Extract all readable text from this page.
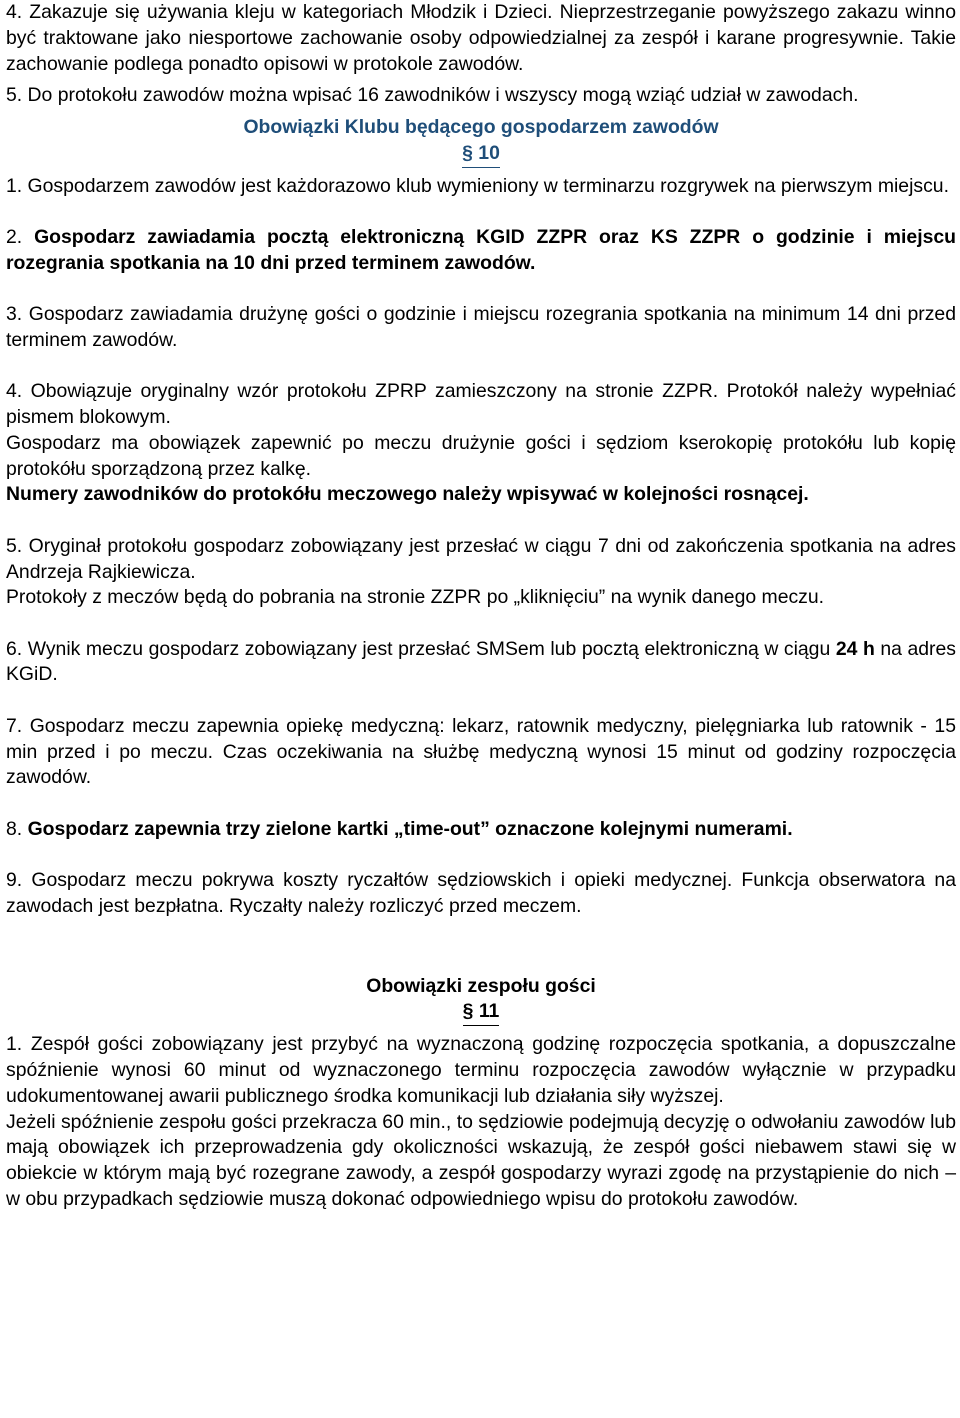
4. Zakazuje się używania kleju w kategoriach Młodzik i Dzieci. Nieprzestrzeganie powyższego zakazu winno być traktowane jako niesportowe zachowanie osoby odpowiedzialnej za zespół i karane progresywnie. Takie zachowanie podlega ponadto opisowi w protokole zawodów.

5. Do protokołu zawodów można wpisać 16 zawodników i wszyscy mogą wziąć udział w zawodach.

Obowiązki Klubu będącego gospodarzem zawodów
§ 10

1. Gospodarzem zawodów jest każdorazowo klub wymieniony w terminarzu rozgrywek na pierwszym miejscu.

2. Gospodarz zawiadamia pocztą elektroniczną KGID ZZPR oraz KS ZZPR o godzinie i miejscu rozegrania spotkania na 10 dni przed terminem zawodów.

3. Gospodarz zawiadamia drużynę gości o godzinie i miejscu rozegrania spotkania na minimum 14 dni przed terminem zawodów.

4. Obowiązuje oryginalny wzór protokołu ZPRP zamieszczony na stronie ZZPR. Protokół należy wypełniać pismem blokowym.

Gospodarz ma obowiązek zapewnić po meczu drużynie gości i sędziom kserokopię protokółu lub kopię protokółu sporządzoną przez kalkę.

Numery zawodników do protokółu meczowego należy wpisywać w kolejności rosnącej.

5. Oryginał protokołu gospodarz zobowiązany jest przesłać w ciągu 7 dni od zakończenia spotkania na adres Andrzeja Rajkiewicza.

Protokoły z meczów będą do pobrania na stronie ZZPR po „kliknięciu” na wynik danego meczu.

6. Wynik meczu gospodarz zobowiązany jest przesłać SMSem lub pocztą elektroniczną w ciągu 24 h na adres KGiD.

7. Gospodarz meczu zapewnia opiekę medyczną: lekarz, ratownik medyczny, pielęgniarka lub ratownik - 15 min przed i po meczu. Czas oczekiwania na służbę medyczną wynosi 15 minut od godziny rozpoczęcia zawodów.

8. Gospodarz zapewnia trzy zielone kartki „time-out” oznaczone kolejnymi numerami.

9. Gospodarz meczu pokrywa koszty ryczałtów sędziowskich i opieki medycznej. Funkcja obserwatora na zawodach jest bezpłatna. Ryczałty należy rozliczyć przed meczem.

Obowiązki zespołu gości
§ 11

1. Zespół gości zobowiązany jest przybyć na wyznaczoną godzinę rozpoczęcia spotkania, a dopuszczalne spóźnienie wynosi 60 minut od wyznaczonego terminu rozpoczęcia zawodów wyłącznie w przypadku udokumentowanej awarii publicznego środka komunikacji lub działania siły wyższej.

Jeżeli spóźnienie zespołu gości przekracza 60 min., to sędziowie podejmują decyzję o odwołaniu zawodów lub mają obowiązek ich przeprowadzenia gdy okoliczności wskazują, że zespół gości niebawem stawi się w obiekcie w którym mają być rozegrane zawody, a zespół gospodarzy wyrazi zgodę na przystąpienie do nich – w obu przypadkach sędziowie muszą dokonać odpowiedniego wpisu do protokołu zawodów.
